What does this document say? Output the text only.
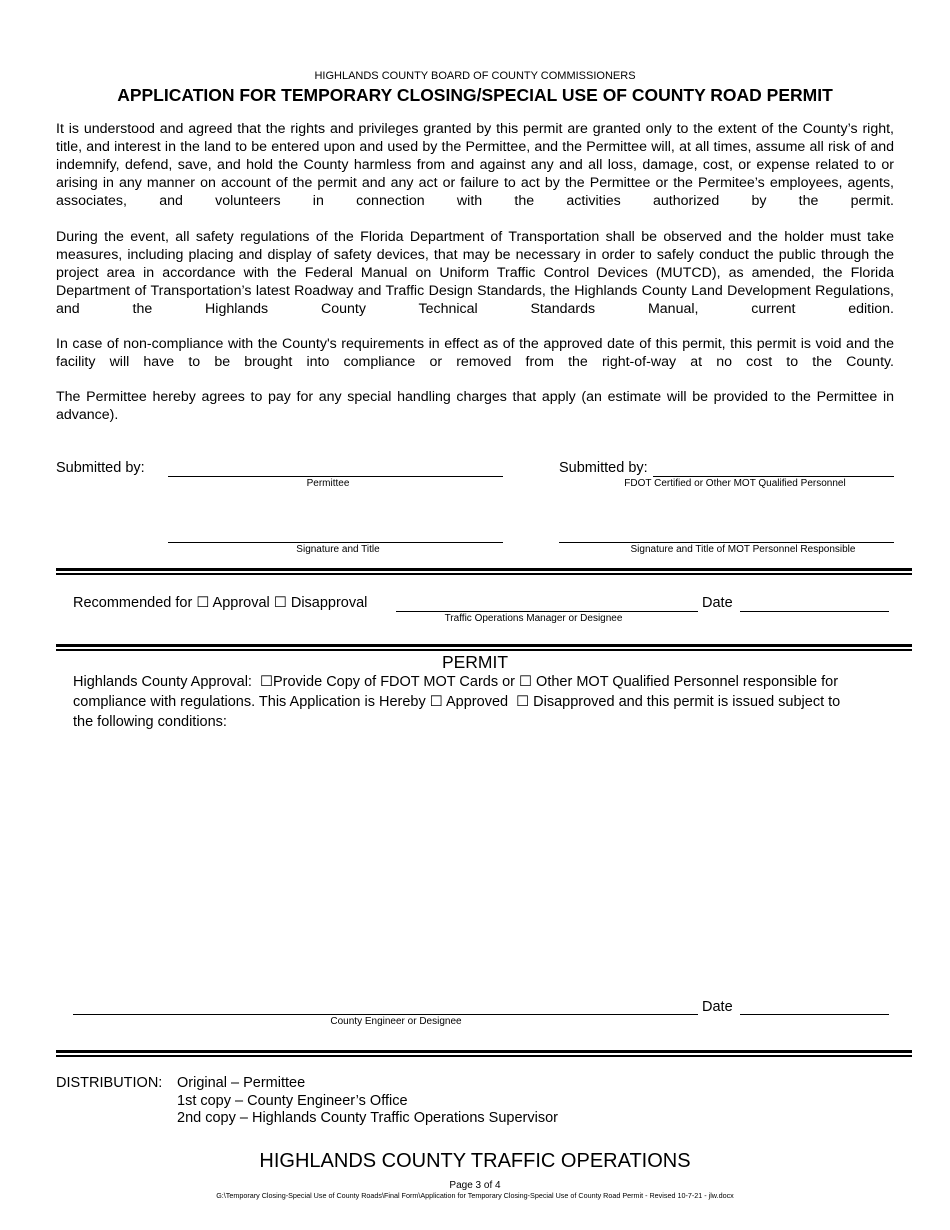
HIGHLANDS COUNTY BOARD OF COUNTY COMMISSIONERS
APPLICATION FOR TEMPORARY CLOSING/SPECIAL USE OF COUNTY ROAD PERMIT
It is understood and agreed that the rights and privileges granted by this permit are granted only to the extent of the County’s right, title, and interest in the land to be entered upon and used by the Permittee, and the Permittee will, at all times, assume all risk of and indemnify, defend, save, and hold the County harmless from and against any and all loss, damage, cost, or expense related to or arising in any manner on account of the permit and any act or failure to act by the Permittee or the Permitee’s employees, agents, associates, and volunteers in connection with the activities authorized by the permit.
During the event, all safety regulations of the Florida Department of Transportation shall be observed and the holder must take measures, including placing and display of safety devices, that may be necessary in order to safely conduct the public through the project area in accordance with the Federal Manual on Uniform Traffic Control Devices (MUTCD), as amended, the Florida Department of Transportation’s latest Roadway and Traffic Design Standards, the Highlands County Land Development Regulations, and the Highlands County Technical Standards Manual, current edition.
In case of non-compliance with the County's requirements in effect as of the approved date of this permit, this permit is void and the facility will have to be brought into compliance or removed from the right-of-way at no cost to the County.
The Permittee hereby agrees to pay for any special handling charges that apply (an estimate will be provided to the Permittee in advance).
Submitted by:
Permittee
Submitted by:
FDOT Certified or Other MOT Qualified Personnel
Signature and Title	Signature and Title of MOT Personnel Responsible
Recommended for ☐ Approval ☐ Disapproval
Traffic Operations Manager or Designee
Date
PERMIT
Highlands County Approval:  ☐Provide Copy of FDOT MOT Cards or ☐ Other MOT Qualified Personnel responsible for
compliance with regulations. This Application is Hereby ☐ Approved  ☐ Disapproved and this permit is issued subject to
the following conditions:
County Engineer or Designee
Date
DISTRIBUTION: Original – Permittee
1st copy – County Engineer’s Office
2nd copy – Highlands County Traffic Operations Supervisor
HIGHLANDS COUNTY TRAFFIC OPERATIONS
Page 3 of 4
G:\Temporary Closing-Special Use of County Roads\Final Form\Application for Temporary Closing-Special Use of County Road Permit - Revised 10-7-21 - jlw.docx
